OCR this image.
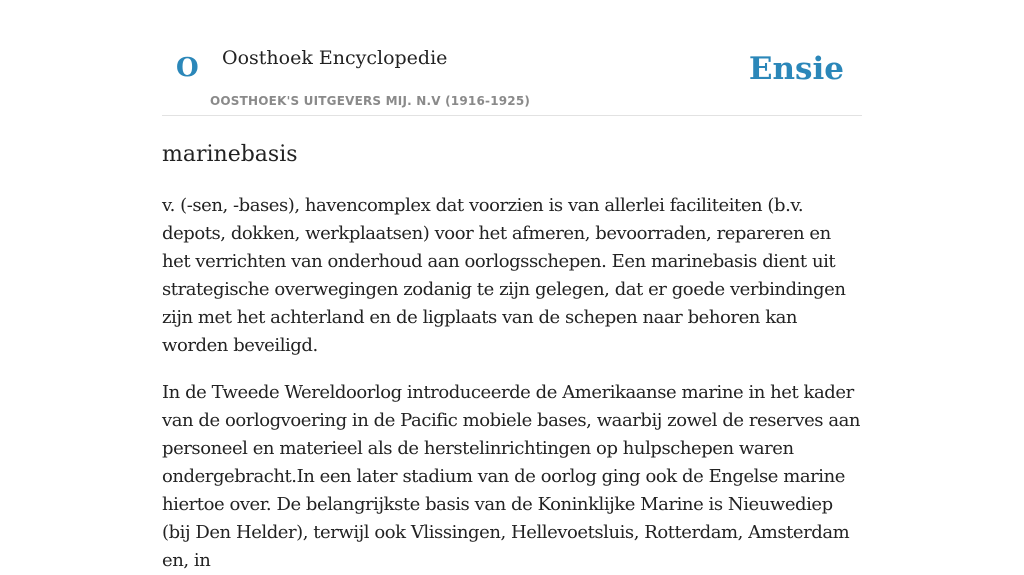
O Oosthoek Encyclopedie
OOSTHOEK'S UITGEVERS MIJ. N.V (1916-1925)
Ensie
marinebasis

v. (-sen, -bases), havencomplex dat voorzien is van allerlei faciliteiten (b.v. depots, dokken, werkplaatsen) voor het afmeren, bevoorraden, repareren en het verrichten van onderhoud aan oorlogsschepen. Een marinebasis dient uit strategische overwegingen zodanig te zijn gelegen, dat er goede verbindingen zijn met het achterland en de ligplaats van de schepen naar behoren kan worden beveiligd.

In de Tweede Wereldoorlog introduceerde de Amerikaanse marine in het kader van de oorlogvoering in de Pacific mobiele bases, waarbij zowel de reserves aan personeel en materieel als de herstelinrichtingen op hulpschepen waren ondergebracht.In een later stadium van de oorlog ging ook de Engelse marine hiertoe over. De belangrijkste basis van de Koninklijke Marine is Nieuwediep (bij Den Helder), terwijl ook Vlissingen, Hellevoetsluis, Rotterdam, Amsterdam en, in
